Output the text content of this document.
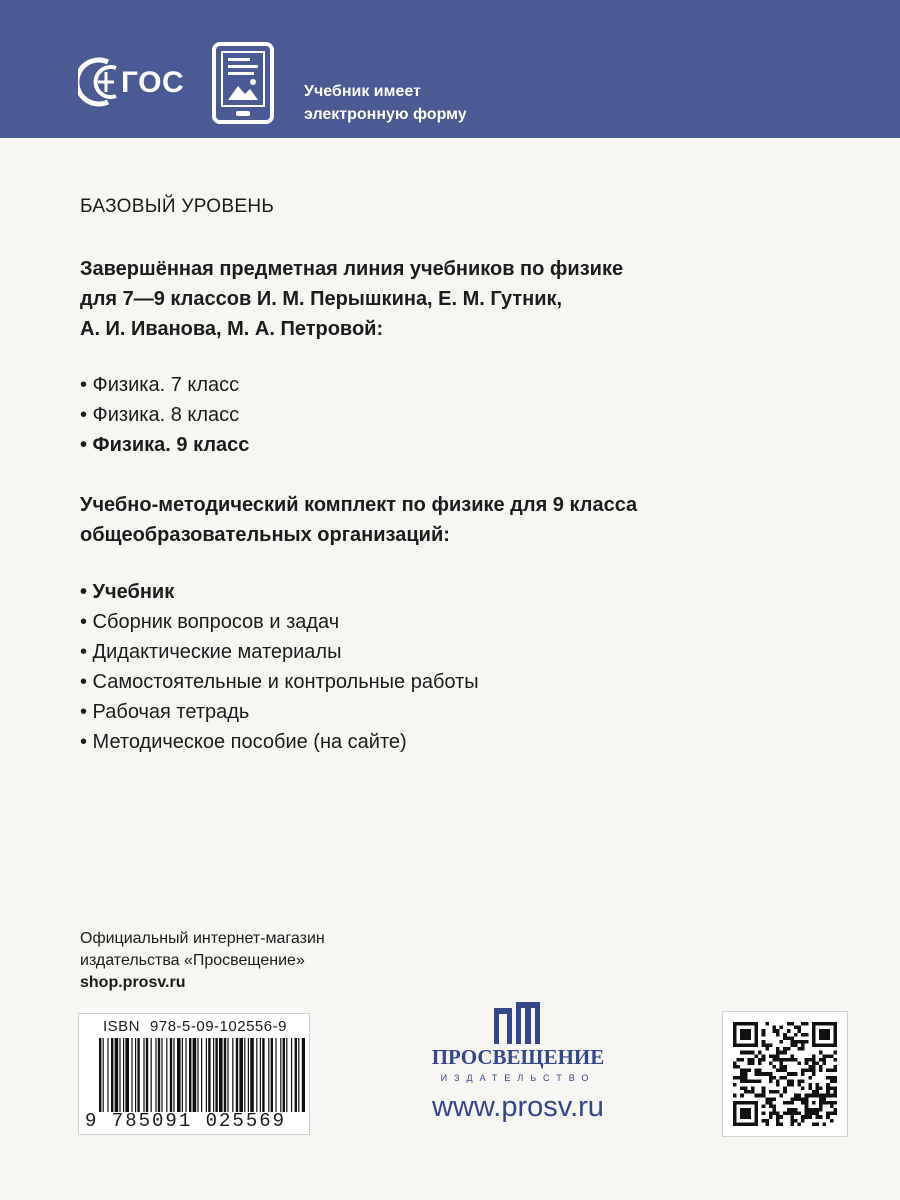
ГОС	Учебник имеет
электронную форму
БАЗОВЫЙ УРОВЕНЬ
Завершённая предметная линия учебников по физике
для 7—9 классов И. М. Перышкина, Е. М. Гутник,
А. И. Иванова, М. А. Петровой:
• Физика. 7 класс
• Физика. 8 класс
• Физика. 9 класс
Учебно-методический комплект по физике для 9 класса
общеобразовательных организаций:
• Учебник
• Сборник вопросов и задач
• Дидактические материалы
• Самостоятельные и контрольные работы
• Рабочая тетрадь
• Методическое пособие (на сайте)
Официальный интернет-магазин
издательства «Просвещение»
shop.prosv.ru
ISBN 978-5-09-102556-9
9 785091 025569
ПРОСВЕЩЕНИЕ
ИЗДАТЕЛЬСТВО
www.prosv.ru
